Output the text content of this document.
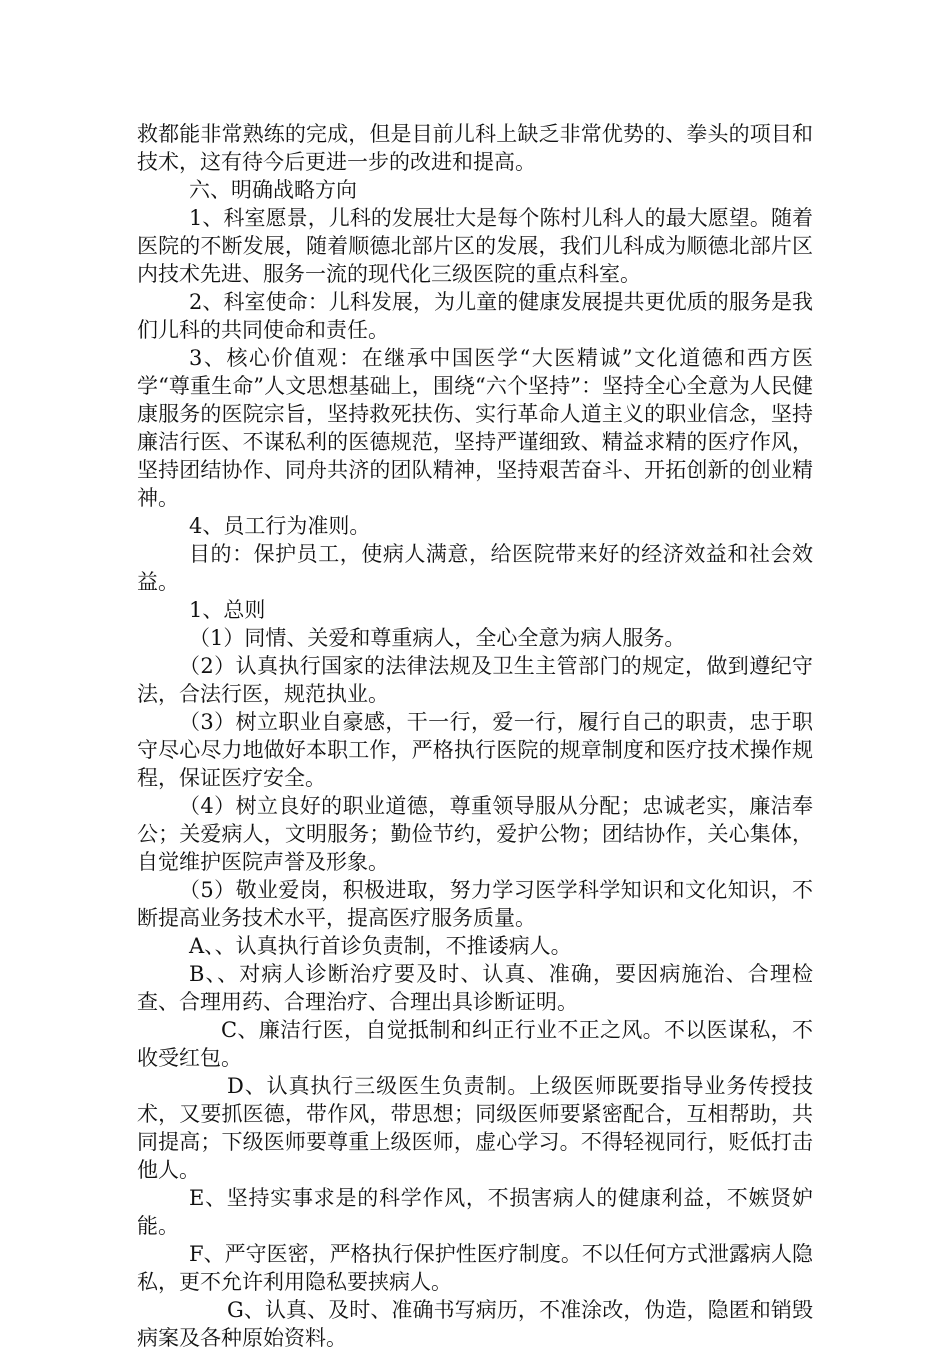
救都能非常熟练的完成，但是目前儿科上缺乏非常优势的、拳头的项目和技术，这有待今后更进一步的改进和提高。

六、明确战略方向

1、科室愿景，儿科的发展壮大是每个陈村儿科人的最大愿望。随着医院的不断发展，随着顺德北部片区的发展，我们儿科成为顺德北部片区内技术先进、服务一流的现代化三级医院的重点科室。

2、科室使命：儿科发展，为儿童的健康发展提共更优质的服务是我们儿科的共同使命和责任。

3、核心价值观：在继承中国医学“大医精诚”文化道德和西方医学“尊重生命”人文思想基础上，围绕“六个坚持”：坚持全心全意为人民健康服务的医院宗旨，坚持救死扶伤、实行革命人道主义的职业信念，坚持廉洁行医、不谋私利的医德规范，坚持严谨细致、精益求精的医疗作风，坚持团结协作、同舟共济的团队精神，坚持艰苦奋斗、开拓创新的创业精神。

4、员工行为准则。

目的：保护员工，使病人满意，给医院带来好的经济效益和社会效益。

1、总则

（1）同情、关爱和尊重病人，全心全意为病人服务。

（2）认真执行国家的法律法规及卫生主管部门的规定，做到遵纪守法，合法行医，规范执业。

（3）树立职业自豪感，干一行，爱一行，履行自己的职责，忠于职守尽心尽力地做好本职工作，严格执行医院的规章制度和医疗技术操作规程，保证医疗安全。

（4）树立良好的职业道德，尊重领导服从分配；忠诚老实，廉洁奉公；关爱病人，文明服务；勤俭节约，爱护公物；团结协作，关心集体，自觉维护医院声誉及形象。

（5）敬业爱岗，积极进取，努力学习医学科学知识和文化知识，不断提高业务技术水平，提高医疗服务质量。

A、、认真执行首诊负责制，不推诿病人。

B、、对病人诊断治疗要及时、认真、准确，要因病施治、合理检查、合理用药、合理治疗、合理出具诊断证明。

C、廉洁行医，自觉抵制和纠正行业不正之风。不以医谋私，不收受红包。

D、认真执行三级医生负责制。上级医师既要指导业务传授技术，又要抓医德，带作风，带思想；同级医师要紧密配合，互相帮助，共同提高；下级医师要尊重上级医师，虚心学习。不得轻视同行，贬低打击他人。

E、坚持实事求是的科学作风，不损害病人的健康利益，不嫉贤妒能。

F、严守医密，严格执行保护性医疗制度。不以任何方式泄露病人隐私，更不允许利用隐私要挟病人。

G、认真、及时、准确书写病历，不准涂改，伪造，隐匿和销毁病案及各种原始资料。
